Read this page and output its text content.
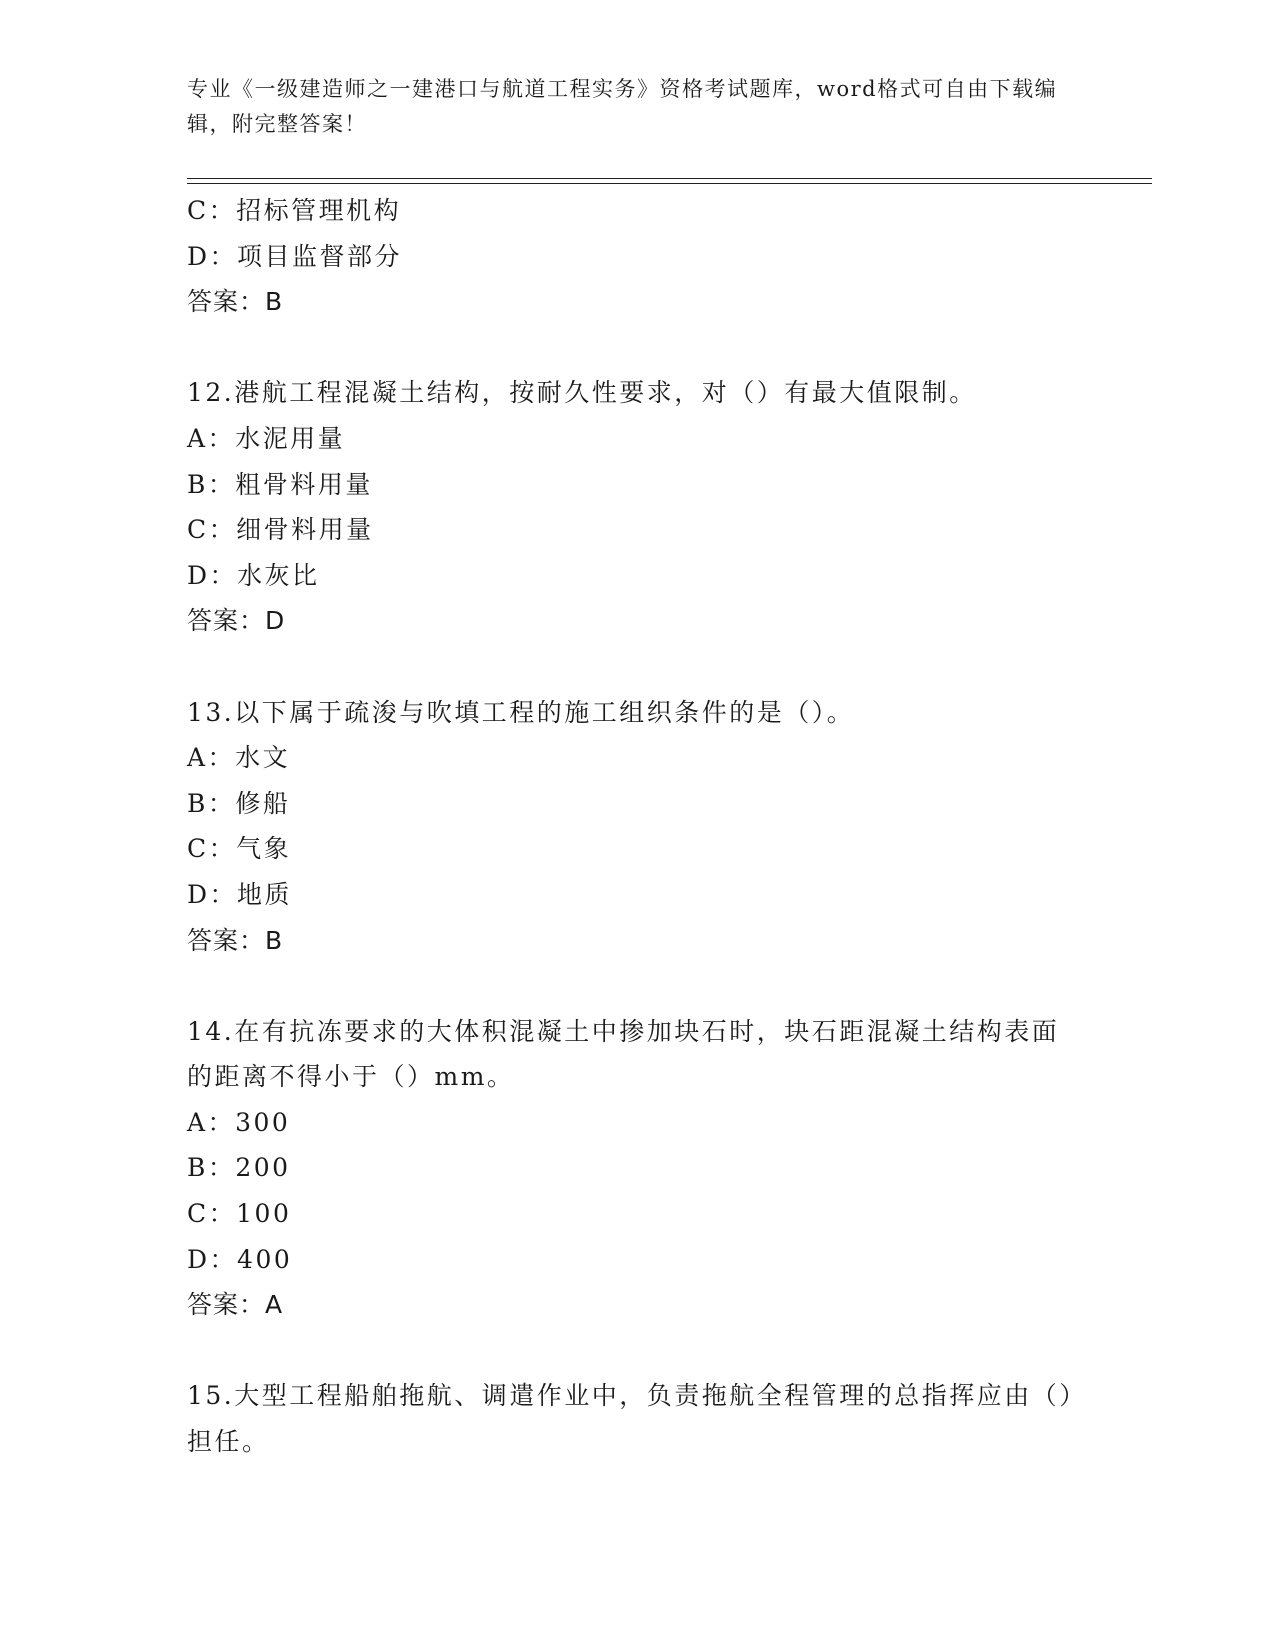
专业《一级建造师之一建港口与航道工程实务》资格考试题库，word格式可自由下载编辑，附完整答案！
C：招标管理机构
D：项目监督部分
答案：B
12.港航工程混凝土结构，按耐久性要求，对（）有最大值限制。
A：水泥用量
B：粗骨料用量
C：细骨料用量
D：水灰比
答案：D
13.以下属于疏浚与吹填工程的施工组织条件的是（）。
A：水文
B：修船
C：气象
D：地质
答案：B
14.在有抗冻要求的大体积混凝土中掺加块石时，块石距混凝土结构表面的距离不得小于（）mm。
A：300
B：200
C：100
D：400
答案：A
15.大型工程船舶拖航、调遣作业中，负责拖航全程管理的总指挥应由（）担任。
